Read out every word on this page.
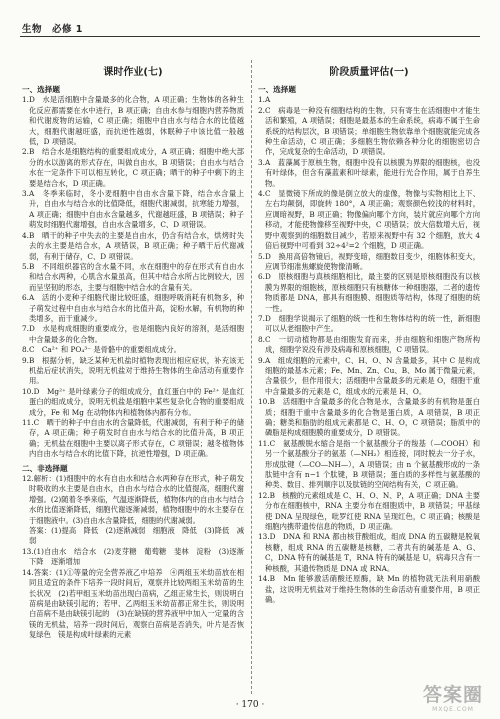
生物　必修 1
课时作业(七)

一、选择题

1.D　水是活细胞中含量最多的化合物，A 项正确；生物体的各种生化反应都需要在水中进行，B 项正确；自由水参与细胞内营养物质和代谢废物的运输，C 项正确；细胞中自由水与结合水的比值越大，细胞代谢越旺盛，而抗逆性越弱，休眠种子中该比值一般越低，D 项错误。

2.B　结合水是细胞结构的重要组成成分，A 项正确；细胞中绝大部分的水以游离的形式存在，叫做自由水，B 项错误；自由水与结合水在一定条件下可以相互转化，C 项正确；晒干的种子中剩下的主要是结合水，D 项正确。

3.A　冬季来临时，冬小麦细胞中自由水含量下降，结合水含量上升，自由水与结合水的比值降低，细胞代谢减弱，抗寒能力增强，A 项正确；细胞中自由水含量越多，代谢越旺盛，B 项错误；种子萌发时细胞代谢增强，自由水含量增多，C、D 项错误。

4.B　晒干的种子中失去的主要是自由水，仍含有结合水，烘烤时失去的水主要是结合水，A 项错误，B 项正确；种子晒干后代谢减弱，有利于储存，C、D 项错误。

5.B　不同组织器官的含水量不同，水在细胞中的存在形式有自由水和结合水两种，心肌含水量虽高，但其中结合水所占比例较大，因而呈坚韧的形态，主要与细胞中结合水的含量有关。

6.A　活的小麦种子细胞代谢比较旺盛，细胞呼吸消耗有机物多，种子萌发过程中自由水与结合水的比值升高，淀粉水解，有机物的种类增多，而干重减少。

7.D　水是构成细胞的重要成分，也是细胞内良好的溶剂，是活细胞中含量最多的化合物。

8.C　Ca²⁺ 和 PO₄³⁻ 是骨骼中的重要组成成分。

9.B　根据分析，缺乏某种无机盐时植物表现出相应症状，补充该无机盐后症状消失，说明无机盐对于维持生物体的生命活动有重要作用。

10.D　Mg²⁺ 是叶绿素分子的组成成分，血红蛋白中的 Fe²⁺ 是血红蛋白的组成成分，说明无机盐是细胞中某些复杂化合物的重要组成成分，Fe 和 Mg 在动物体内和植物体内都有分布。

11.C　晒干的种子中自由水的含量降低，代谢减弱，有利于种子的储存，A 项正确；种子萌发时自由水与结合水的比值升高，B 项正确；无机盐在细胞中主要以离子形式存在，C 项错误；越冬植物体内自由水与结合水的比值下降，抗逆性增强，D 项正确。

二、非选择题

12.解析：(1)细胞中的水有自由水和结合水两种存在形式，种子萌发时吸收的水主要是自由水，自由水与结合水的比值提高，细胞代谢增强。(2)随着冬季来临，气温逐渐降低，植物体内的自由水与结合水的比值逐渐降低，细胞代谢逐渐减弱，植物细胞中的水主要存在于细胞液中。(3)自由水含量降低，细胞的代谢减弱。

答案：(1)提高　降低　(2)逐渐减弱　细胞液　降低　(3)降低　减弱

13.(1)自由水　结合水　(2)麦芽糖　葡萄糖　斐林　淀粉　(3)逐渐下降　逐渐增加

14.答案：(1)①等量的完全营养液乙中培养　④两组玉米幼苗放在相同且适宜的条件下培养一段时间后，观察并比较两组玉米幼苗的生长状况　(2)若甲组玉米幼苗出现白苗病，乙组正常生长，则说明白苗病是由缺镁引起的；若甲、乙两组玉米幼苗都正常生长，则说明白苗病不是由缺镁引起的　(3)在缺镁的营养液甲中加入一定量的含镁的无机盐，培养一段时间后，观察白苗病是否消失，叶片是否恢复绿色　镁是构成叶绿素的元素

阶段质量评估(一)

一、选择题

1.A

2.C　病毒是一种没有细胞结构的生物，只有寄生在活细胞中才能生活和繁殖，A 项错误；细胞是最基本的生命系统，病毒不属于生命系统的结构层次，B 项错误；单细胞生物依靠单个细胞就能完成各种生命活动，C 项正确；多细胞生物依赖各种分化的细胞密切合作，完成复杂的生命活动，D 项错误。

3.A　蓝藻属于原核生物，细胞中没有以核膜为界限的细胞核，也没有叶绿体，但含有藻蓝素和叶绿素，能进行光合作用，属于自养生物。

4.C　显微镜下所成的像是倒立放大的虚像，物像与实物相比上下、左右均颠倒，即旋转 180°，A 项正确；观察颜色较浅的材料时，应调暗视野，B 项正确；物像偏向哪个方向，装片就应向哪个方向移动，才能使物像移至视野中央，C 项错误；放大倍数增大后，视野中观察到的细胞数目减少，若原来视野中有 32 个细胞，放大 4 倍后视野中可看到 32÷4²=2 个细胞，D 项正确。

5.D　换用高倍物镜后，视野变暗，细胞数目变少，细胞体积变大，应调节细准焦螺旋使物像清晰。

6.D　原核细胞与真核细胞相比，最主要的区别是原核细胞没有以核膜为界限的细胞核，原核细胞只有核糖体一种细胞器，二者的遗传物质都是 DNA，都具有细胞膜、细胞质等结构，体现了细胞的统一性。

7.D　细胞学说揭示了细胞的统一性和生物体结构的统一性，新细胞可以从老细胞中产生。

8.C　一切动植物都是由细胞发育而来，并由细胞和细胞产物所构成，细胞学说没有涉及病毒和原核细胞，C 项错误。

9.A　组成细胞的元素中，C、H、O、N 含量最多，其中 C 是构成细胞的最基本元素；Fe、Mn、Zn、Cu、B、Mo 属于微量元素，含量很少，但作用很大；活细胞中含量最多的元素是 O，细胞干重中含量最多的元素是 C，组成水的元素是 H、O。

10.B　活细胞中含量最多的化合物是水，含量最多的有机物是蛋白质；细胞干重中含量最多的化合物是蛋白质，A 项错误，B 项正确；糖类和脂肪的组成元素都是 C、H、O，C 项错误；脂质中的磷脂是构成细胞膜的重要成分，D 项错误。

11.C　氨基酸脱水缩合是指一个氨基酸分子的羧基（—COOH）和另一个氨基酸分子的氨基（—NH₂）相连接，同时脱去一分子水，形成肽键（—CO—NH—），A 项错误；由 n 个氨基酸形成的一条肽链中含有 n−1 个肽键，B 项错误；蛋白质的多样性与氨基酸的种类、数目、排列顺序以及肽链的空间结构有关，C 项正确。

12.B　核酸的元素组成是 C、H、O、N、P，A 项正确；DNA 主要分布在细胞核中，RNA 主要分布在细胞质中，B 项错误；甲基绿使 DNA 呈现绿色，吡罗红使 RNA 呈现红色，C 项正确；核酸是细胞内携带遗传信息的物质，D 项正确。

13.D　DNA 和 RNA 都由核苷酸组成，组成 DNA 的五碳糖是脱氧核糖，组成 RNA 的五碳糖是核糖，二者共有的碱基是 A、G、C，DNA 特有的碱基是 T，RNA 特有的碱基是 U，病毒只含有一种核酸，其遗传物质是 DNA 或 RNA。

14.B　Mn 能够激活硝酸还原酶，缺 Mn 的植物就无法利用硝酸盐，这说明无机盐对于维持生物体的生命活动有重要作用，B 项正确。

· 170 ·	答案圈
MXQE.COM
